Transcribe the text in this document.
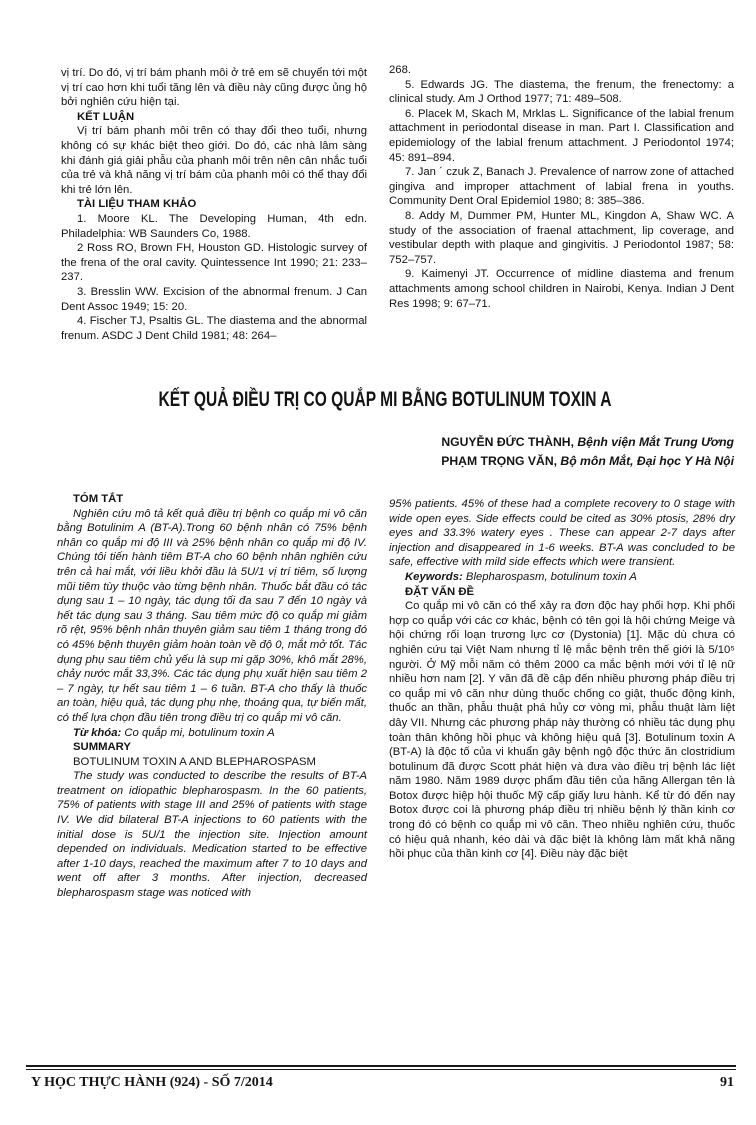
vị trí. Do đó, vị trí bám phanh môi ở trẻ em sẽ chuyển tới một vị trí cao hơn khi tuổi tăng lên và điều này cũng được ủng hộ bởi nghiên cứu hiện tại.

KẾT LUẬN

Vị trí bám phanh môi trên có thay đổi theo tuổi, nhưng không có sự khác biệt theo giới. Do đó, các nhà lâm sàng khi đánh giá giải phẫu của phanh môi trên nên cân nhắc tuổi của trẻ và khả năng vị trí bám của phanh môi có thể thay đổi khi trẻ lớn lên.

TÀI LIỆU THAM KHẢO

1. Moore KL. The Developing Human, 4th edn. Philadelphia: WB Saunders Co, 1988.

2 Ross RO, Brown FH, Houston GD. Histologic survey of the frena of the oral cavity. Quintessence Int 1990; 21: 233–237.

3. Bresslin WW. Excision of the abnormal frenum. J Can Dent Assoc 1949; 15: 20.

4. Fischer TJ, Psaltis GL. The diastema and the abnormal frenum. ASDC J Dent Child 1981; 48: 264–

268.

5. Edwards JG. The diastema, the frenum, the frenectomy: a clinical study. Am J Orthod 1977; 71: 489–508.

6. Placek M, Skach M, Mrklas L. Significance of the labial frenum attachment in periodontal disease in man. Part I. Classification and epidemiology of the labial frenum attachment. J Periodontol 1974; 45: 891–894.

7. Jan ´ czuk Z, Banach J. Prevalence of narrow zone of attached gingiva and improper attachment of labial frena in youths. Community Dent Oral Epidemiol 1980; 8: 385–386.

8. Addy M, Dummer PM, Hunter ML, Kingdon A, Shaw WC. A study of the association of fraenal attachment, lip coverage, and vestibular depth with plaque and gingivitis. J Periodontol 1987; 58: 752–757.

9. Kaimenyi JT. Occurrence of midline diastema and frenum attachments among school children in Nairobi, Kenya. Indian J Dent Res 1998; 9: 67–71.

KẾT QUẢ ĐIỀU TRỊ CO QUẮP MI BẰNG BOTULINUM TOXIN A
NGUYỄN ĐỨC THÀNH, Bệnh viện Mắt Trung Ương
PHẠM TRỌNG VĂN, Bộ môn Mắt, Đại học Y Hà Nội

TÓM TẮT

Nghiên cứu mô tả kết quả điều trị bệnh co quắp mi vô căn bằng Botulinim A (BT-A).Trong 60 bệnh nhân có 75% bệnh nhân co quắp mi độ III và 25% bệnh nhân co quắp mi độ IV. Chúng tôi tiến hành tiêm BT-A cho 60 bệnh nhân nghiên cứu trên cả hai mắt, với liều khởi đầu là 5U/1 vị trí tiêm, số lượng mũi tiêm tùy thuộc vào từng bệnh nhân. Thuốc bắt đầu có tác dụng sau 1 – 10 ngày, tác dụng tối đa sau 7 đến 10 ngày và hết tác dụng sau 3 tháng. Sau tiêm mức độ co quắp mi giảm rõ rệt, 95% bệnh nhân thuyên giảm sau tiêm 1 tháng trong đó có 45% bệnh thuyên giảm hoàn toàn về độ 0, mắt mở tốt. Tác dụng phụ sau tiêm chủ yếu là sụp mi gặp 30%, khô mắt 28%, chảy nước mắt 33,3%. Các tác dụng phụ xuất hiện sau tiêm 2 – 7 ngày, tự hết sau tiêm 1 – 6 tuần. BT-A cho thấy là thuốc an toàn, hiệu quả, tác dụng phụ nhẹ, thoáng qua, tự biến mất, có thể lựa chọn đầu tiên trong điều trị co quắp mi vô căn.

Từ khóa: Co quắp mi, botulinum toxin A

SUMMARY

BOTULINUM TOXIN A AND BLEPHAROSPASM

The study was conducted to describe the results of BT-A treatment on idiopathic blepharospasm. In the 60 patients, 75% of patients with stage III and 25% of patients with stage IV. We did bilateral BT-A injections to 60 patients with the initial dose is 5U/1 the injection site. Injection amount depended on individuals. Medication started to be effective after 1-10 days, reached the maximum after 7 to 10 days and went off after 3 months. After injection, decreased blepharospasm stage was noticed with

95% patients. 45% of these had a complete recovery to 0 stage with wide open eyes. Side effects could be cited as 30% ptosis, 28% dry eyes and 33.3% watery eyes . These can appear 2-7 days after injection and disappeared in 1-6 weeks. BT-A was concluded to be safe, effective with mild side effects which were transient.

Keywords: Blepharospasm, botulinum toxin A

ĐẶT VẤN ĐỀ

Co quắp mi vô căn có thể xảy ra đơn độc hay phối hợp. Khi phối hợp co quắp với các cơ khác, bệnh có tên gọi là hội chứng Meige và hội chứng rối loạn trương lực cơ (Dystonia) [1]. Mặc dù chưa có nghiên cứu tại Việt Nam nhưng tỉ lệ mắc bệnh trên thế giới là 5/10⁵ người. Ở Mỹ mỗi năm có thêm 2000 ca mắc bệnh mới với tỉ lệ nữ nhiều hơn nam [2]. Y văn đã đề cập đến nhiều phương pháp điều trị co quắp mi vô căn như dùng thuốc chống co giật, thuốc động kinh, thuốc an thần, phẫu thuật phá hủy cơ vòng mi, phẫu thuật làm liệt dây VII. Nhưng các phương pháp này thường có nhiều tác dụng phụ toàn thân không hồi phục và không hiệu quả [3]. Botulinum toxin A (BT-A) là độc tố của vi khuẩn gây bệnh ngộ độc thức ăn clostridium botulinum đã được Scott phát hiện và đưa vào điều trị bệnh lác liệt năm 1980. Năm 1989 dược phẩm đầu tiên của hãng Allergan tên là Botox được hiệp hội thuốc Mỹ cấp giấy lưu hành. Kể từ đó đến nay Botox được coi là phương pháp điều trị nhiều bệnh lý thần kinh cơ trong đó có bệnh co quắp mi vô căn. Theo nhiều nghiên cứu, thuốc có hiệu quả nhanh, kéo dài và đặc biệt là không làm mất khả năng hồi phục của thần kinh cơ [4]. Điều này đặc biệt

Y HỌC THỰC HÀNH (924) - SỐ 7/2014	91
